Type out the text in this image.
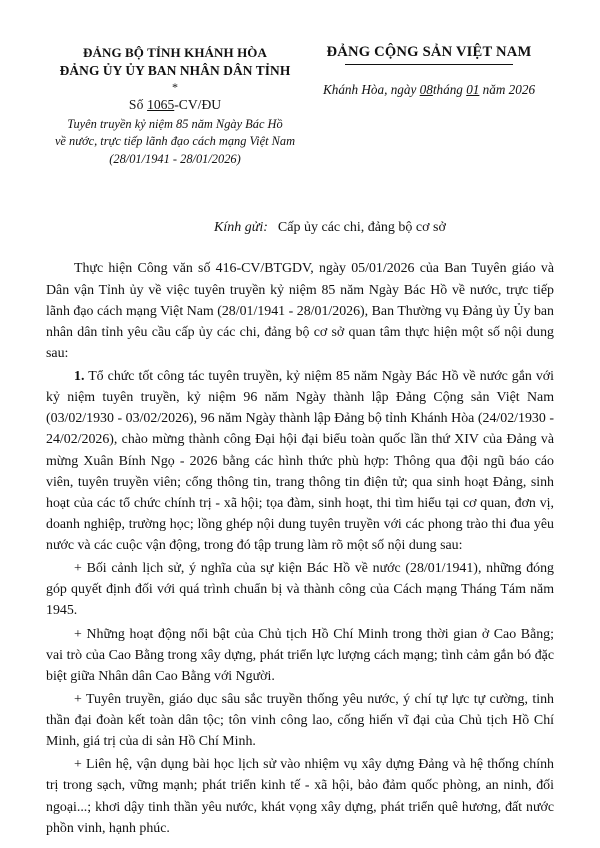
ĐẢNG BỘ TỈNH KHÁNH HÒA
ĐẢNG ỦY ỦY BAN NHÂN DÂN TỈNH
*
Số 1065-CV/ĐU
Tuyên truyền kỷ niệm 85 năm Ngày Bác Hồ
về nước, trực tiếp lãnh đạo cách mạng Việt Nam
(28/01/1941 - 28/01/2026)
ĐẢNG CỘNG SẢN VIỆT NAM
Khánh Hòa, ngày 08tháng 01 năm 2026
Kính gửi: Cấp ủy các chi, đảng bộ cơ sở

Thực hiện Công văn số 416-CV/BTGDV, ngày 05/01/2026 của Ban Tuyên giáo và Dân vận Tỉnh ủy về việc tuyên truyền kỷ niệm 85 năm Ngày Bác Hồ về nước, trực tiếp lãnh đạo cách mạng Việt Nam (28/01/1941 - 28/01/2026), Ban Thường vụ Đảng ủy Ủy ban nhân dân tỉnh yêu cầu cấp ủy các chi, đảng bộ cơ sở quan tâm thực hiện một số nội dung sau:

1. Tổ chức tốt công tác tuyên truyền, kỷ niệm 85 năm Ngày Bác Hồ về nước gắn với kỷ niệm tuyên truyền, kỷ niệm 96 năm Ngày thành lập Đảng Cộng sản Việt Nam (03/02/1930 - 03/02/2026), 96 năm Ngày thành lập Đảng bộ tỉnh Khánh Hòa (24/02/1930 - 24/02/2026), chào mừng thành công Đại hội đại biểu toàn quốc lần thứ XIV của Đảng và mừng Xuân Bính Ngọ - 2026 bằng các hình thức phù hợp: Thông qua đội ngũ báo cáo viên, tuyên truyền viên; cổng thông tin, trang thông tin điện tử; qua sinh hoạt Đảng, sinh hoạt của các tổ chức chính trị - xã hội; tọa đàm, sinh hoạt, thi tìm hiểu tại cơ quan, đơn vị, doanh nghiệp, trường học; lồng ghép nội dung tuyên truyền với các phong trào thi đua yêu nước và các cuộc vận động, trong đó tập trung làm rõ một số nội dung sau:

+ Bối cảnh lịch sử, ý nghĩa của sự kiện Bác Hồ về nước (28/01/1941), những đóng góp quyết định đối với quá trình chuẩn bị và thành công của Cách mạng Tháng Tám năm 1945.

+ Những hoạt động nổi bật của Chủ tịch Hồ Chí Minh trong thời gian ở Cao Bằng; vai trò của Cao Bằng trong xây dựng, phát triển lực lượng cách mạng; tình cảm gắn bó đặc biệt giữa Nhân dân Cao Bằng với Người.

+ Tuyên truyền, giáo dục sâu sắc truyền thống yêu nước, ý chí tự lực tự cường, tinh thần đại đoàn kết toàn dân tộc; tôn vinh công lao, cống hiến vĩ đại của Chủ tịch Hồ Chí Minh, giá trị của di sản Hồ Chí Minh.

+ Liên hệ, vận dụng bài học lịch sử vào nhiệm vụ xây dựng Đảng và hệ thống chính trị trong sạch, vững mạnh; phát triển kinh tế - xã hội, bảo đảm quốc phòng, an ninh, đối ngoại...; khơi dậy tinh thần yêu nước, khát vọng xây dựng, phát triển quê hương, đất nước phồn vinh, hạnh phúc.
